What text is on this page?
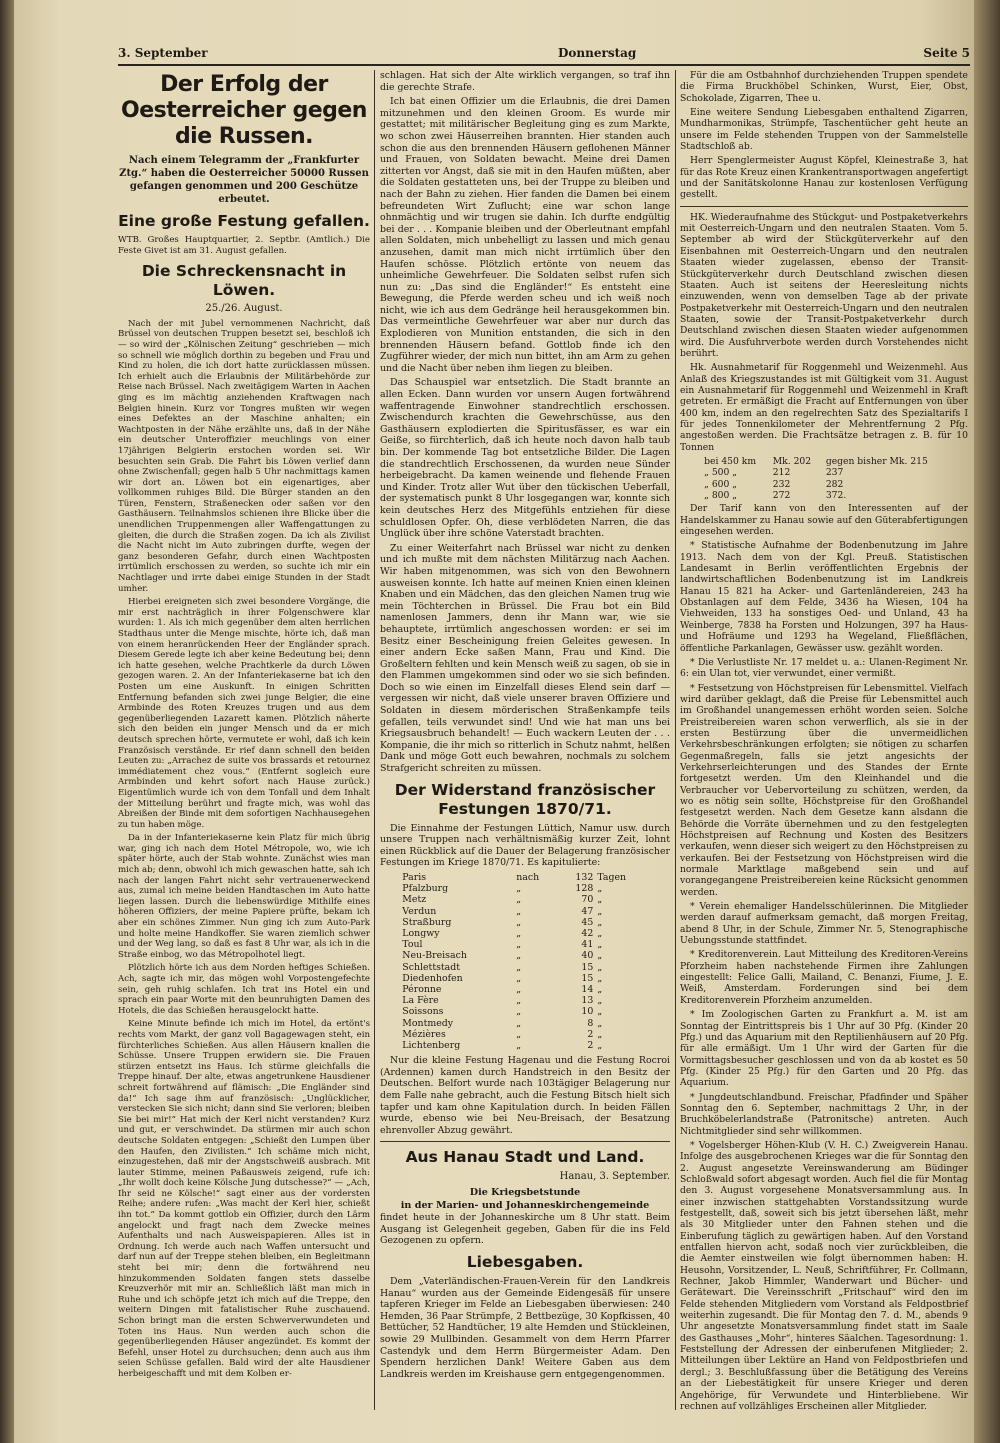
3. September	Donnerstag	Seite 5
Der Erfolg der Oesterreicher gegen die Russen.
Nach einem Telegramm der „Frankfurter Ztg.“ haben die Oesterreicher 50000 Russen gefangen genommen und 200 Geschütze erbeutet.
Eine große Festung gefallen.

WTB. Großes Hauptquartier, 2. Septbr. (Amtlich.) Die Feste Givet ist am 31. August gefallen.

Die Schreckensnacht in Löwen.
25./26. August.

Nach der mit Jubel vernommenen Nachricht, daß Brüssel von deutschen Truppen besetzt sei, beschloß ich — so wird der „Kölnischen Zeitung“ geschrieben — mich so schnell wie möglich dorthin zu begeben und Frau und Kind zu holen, die ich dort hatte zurücklassen müssen. Ich erhielt auch die Erlaubnis der Militärbehörde zur Reise nach Brüssel. Nach zweitägigem Warten in Aachen ging es im mächtig anziehenden Kraftwagen nach Belgien hinein. Kurz vor Tongres mußten wir wegen eines Defektes an der Maschine anhalten; ein Wachtposten in der Nähe erzählte uns, daß in der Nähe ein deutscher Unteroffizier meuchlings von einer 17jährigen Belgierin erstochen worden sei. Wir besuchten sein Grab. Die Fahrt bis Löwen verlief dann ohne Zwischenfall; gegen halb 5 Uhr nachmittags kamen wir dort an. Löwen bot ein eigenartiges, aber vollkommen ruhiges Bild. Die Bürger standen an den Türen, Fenstern, Straßenecken oder saßen vor den Gasthäusern. Teilnahmslos schienen ihre Blicke über die unendlichen Truppenmengen aller Waffengattungen zu gleiten, die durch die Straßen zogen. Da ich als Zivilist die Nacht nicht im Auto zubringen durfte, wegen der ganz besonderen Gefahr, durch einen Wachtposten irrtümlich erschossen zu werden, so suchte ich mir ein Nachtlager und irrte dabei einige Stunden in der Stadt umher.

Hierbei ereigneten sich zwei besondere Vorgänge, die mir erst nachträglich in ihrer Folgenschwere klar wurden: 1. Als ich mich gegenüber dem alten herrlichen Stadthaus unter die Menge mischte, hörte ich, daß man von einem heranrückenden Heer der Engländer sprach. Diesem Gerede legte ich aber keine Bedeutung bei; denn ich hatte gesehen, welche Prachtkerle da durch Löwen gezogen waren. 2. An der Infanteriekaserne bat ich den Posten um eine Auskunft. In einigen Schritten Entfernung befanden sich zwei junge Belgier, die eine Armbinde des Roten Kreuzes trugen und aus dem gegenüberliegenden Lazarett kamen. Plötzlich näherte sich den beiden ein junger Mensch und da er mich deutsch sprechen hörte, vermutete er wohl, daß ich kein Französisch verstände. Er rief dann schnell den beiden Leuten zu: „Arrachez de suite vos brassards et retournez immédiatement chez vous.“ (Entfernt sogleich eure Armbinden und kehrt sofort nach Hause zurück.) Eigentümlich wurde ich von dem Tonfall und dem Inhalt der Mitteilung berührt und fragte mich, was wohl das Abreißen der Binde mit dem sofortigen Nachhausegehen zu tun haben möge.

Da in der Infanteriekaserne kein Platz für mich übrig war, ging ich nach dem Hotel Métropole, wo, wie ich später hörte, auch der Stab wohnte. Zunächst wies man mich ab; denn, obwohl ich mich gewaschen hatte, sah ich nach der langen Fahrt nicht sehr vertrauenerweckend aus, zumal ich meine beiden Handtaschen im Auto hatte liegen lassen. Durch die liebenswürdige Mithilfe eines höheren Offiziers, der meine Papiere prüfte, bekam ich aber ein schönes Zimmer. Nun ging ich zum Auto-Park und holte meine Handkoffer. Sie waren ziemlich schwer und der Weg lang, so daß es fast 8 Uhr war, als ich in die Straße einbog, wo das Métropolhotel liegt.

Plötzlich hörte ich aus dem Norden heftiges Schießen. Ach, sagte ich mir, das mögen wohl Vorpostengefechte sein, geh ruhig schlafen. Ich trat ins Hotel ein und sprach ein paar Worte mit den beunruhigten Damen des Hotels, die das Schießen herausgelockt hatte.

Keine Minute befinde ich mich im Hotel, da ertönt's rechts vom Markt, der ganz voll Bagagewagen steht, ein fürchterliches Schießen. Aus allen Häusern knallen die Schüsse. Unsere Truppen erwidern sie. Die Frauen stürzen entsetzt ins Haus. Ich stürme gleichfalls die Treppe hinauf. Der alte, etwas angetrunkene Hausdiener schreit fortwährend auf flämisch: „Die Engländer sind da!“ Ich sage ihm auf französisch: „Unglücklicher, verstecken Sie sich nicht; dann sind Sie verloren; bleiben Sie bei mir!“ Hat mich der Kerl nicht verstanden? Kurz und gut, er verschwindet. Da stürmen mir auch schon deutsche Soldaten entgegen: „Schießt den Lumpen über den Haufen, den Zivilisten.“ Ich schäme mich nicht, einzugestehen, daß mir der Angstschweiß ausbrach. Mit lauter Stimme, meinen Paßausweis zeigend, rufe ich: „Ihr wollt doch keine Kölsche Jung dutschesse?“ — „Ach, Ihr seid ne Kölsche!“ sagt einer aus der vordersten Reihe; andere rufen: „Was macht der Kerl hier, schießt ihn tot.“ Da kommt gottlob ein Offizier, durch den Lärm angelockt und fragt nach dem Zwecke meines Aufenthalts und nach Ausweispapieren. Alles ist in Ordnung. Ich werde auch nach Waffen untersucht und darf nun auf der Treppe stehen bleiben, ein Begleitmann steht bei mir; denn die fortwährend neu hinzukommenden Soldaten fangen stets dasselbe Kreuzverhör mit mir an. Schließlich läßt man mich in Ruhe und ich schöpfe jetzt ich mich auf die Treppe, den weitern Dingen mit fatalistischer Ruhe zuschauend. Schon bringt man die ersten Schwerverwundeten und Toten ins Haus. Nun werden auch schon die gegenüberliegenden Häuser angezündet. Es kommt der Befehl, unser Hotel zu durchsuchen; denn auch aus ihm seien Schüsse gefallen. Bald wird der alte Hausdiener herbeigeschafft und mit dem Kolben er-

schlagen. Hat sich der Alte wirklich vergangen, so traf ihn die gerechte Strafe.

Ich bat einen Offizier um die Erlaubnis, die drei Damen mitzunehmen und den kleinen Groom. Es wurde mir gestattet; mit militärischer Begleitung ging es zum Markte, wo schon zwei Häuserreihen brannten. Hier standen auch schon die aus den brennenden Häusern geflohenen Männer und Frauen, von Soldaten bewacht. Meine drei Damen zitterten vor Angst, daß sie mit in den Haufen müßten, aber die Soldaten gestatteten uns, bei der Truppe zu bleiben und nach der Bahn zu ziehen. Hier fanden die Damen bei einem befreundeten Wirt Zuflucht; eine war schon lange ohnmächtig und wir trugen sie dahin. Ich durfte endgültig bei der . . . Kompanie bleiben und der Oberleutnant empfahl allen Soldaten, mich unbehelligt zu lassen und mich genau anzusehen, damit man mich nicht irrtümlich über den Haufen schösse. Plötzlich ertönte von neuem das unheimliche Gewehrfeuer. Die Soldaten selbst rufen sich nun zu: „Das sind die Engländer!“ Es entsteht eine Bewegung, die Pferde werden scheu und ich weiß noch nicht, wie ich aus dem Gedränge heil herausgekommen bin. Das vermeintliche Gewehrfeuer war aber nur durch das Explodieren von Munition entstanden, die sich in den brennenden Häusern befand. Gottlob finde ich den Zugführer wieder, der mich nun bittet, ihn am Arm zu gehen und die Nacht über neben ihm liegen zu bleiben.

Das Schauspiel war entsetzlich. Die Stadt brannte an allen Ecken. Dann wurden vor unsern Augen fortwährend waffentragende Einwohner standrechtlich erschossen. Zwischendurch krachten die Gewehrschüsse, aus den Gasthäusern explodierten die Spiritusfässer, es war ein Geiße, so fürchterlich, daß ich heute noch davon halb taub bin. Der kommende Tag bot entsetzliche Bilder. Die Lagen die standrechtlich Erschossenen, da wurden neue Sünder herbeigebracht. Da kamen weinende und flehende Frauen und Kinder. Trotz aller Wut über den tückischen Ueberfall, der systematisch punkt 8 Uhr losgegangen war, konnte sich kein deutsches Herz des Mitgefühls entziehen für diese schuldlosen Opfer. Oh, diese verblödeten Narren, die das Unglück über ihre schöne Vaterstadt brachten.

Zu einer Weiterfahrt nach Brüssel war nicht zu denken und ich mußte mit dem nächsten Militärzug nach Aachen. Wir haben mitgenommen, was sich von den Bewohnern ausweisen konnte. Ich hatte auf meinen Knien einen kleinen Knaben und ein Mädchen, das den gleichen Namen trug wie mein Töchterchen in Brüssel. Die Frau bot ein Bild namenlosen Jammers, denn ihr Mann war, wie sie behauptete, irrtümlich angeschossen worden: er sei im Besitz einer Bescheinigung freien Geleites gewesen. In einer andern Ecke saßen Mann, Frau und Kind. Die Großeltern fehlten und kein Mensch weiß zu sagen, ob sie in den Flammen umgekommen sind oder wo sie sich befinden. Doch so wie einen im Einzelfall dieses Elend sein darf — vergessen wir nicht, daß viele unserer braven Offiziere und Soldaten in diesem mörderischen Straßenkampfe teils gefallen, teils verwundet sind! Und wie hat man uns bei Kriegsausbruch behandelt! — Euch wackern Leuten der . . . Kompanie, die ihr mich so ritterlich in Schutz nahmt, helßen Dank und möge Gott euch bewahren, nochmals zu solchem Strafgericht schreiten zu müssen.

Der Widerstand französischer Festungen 1870/71.

Die Einnahme der Festungen Lüttich, Namur usw. durch unsere Truppen nach verhältnismäßig kurzer Zeit, lohnt einen Rückblick auf die Dauer der Belagerung französischer Festungen im Kriege 1870/71. Es kapitulierte:

Paris	nach	132	Tagen
Pfalzburg	„	128	„
Metz	„	70	„
Verdun	„	47	„
Straßburg	„	45	„
Longwy	„	42	„
Toul	„	41	„
Neu-Breisach	„	40	„
Schlettstadt	„	15	„
Diedenhofen	„	15	„
Péronne	„	14	„
La Fère	„	13	„
Soissons	„	10	„
Montmedy	„	8	„
Mézières	„	2	„
Lichtenberg	„	2	„

Nur die kleine Festung Hagenau und die Festung Rocroi (Ardennen) kamen durch Handstreich in den Besitz der Deutschen. Belfort wurde nach 103tägiger Belagerung nur dem Falle nahe gebracht, auch die Festung Bitsch hielt sich tapfer und kam ohne Kapitulation durch. In beiden Fällen wurde, ebenso wie bei Neu-Breisach, der Besatzung ehrenvoller Abzug gewährt.

Aus Hanau Stadt und Land.
Hanau, 3. September.
Die Kriegsbetstunde
in der Marien- und Johanneskirchengemeinde

findet heute in der Johanneskirche um 8 Uhr statt. Beim Ausgang ist Gelegenheit gegeben, Gaben für die ins Feld Gezogenen zu opfern.

Liebesgaben.

Dem „Vaterländischen-Frauen-Verein für den Landkreis Hanau“ wurden aus der Gemeinde Eidengesäß für unsere tapferen Krieger im Felde an Liebesgaben überwiesen: 240 Hemden, 36 Paar Strümpfe, 2 Bettbezüge, 30 Kopfkissen, 40 Bettücher, 52 Handtücher, 19 alte Hemden und Stückleinen, sowie 29 Mullbinden. Gesammelt von dem Herrn Pfarrer Castendyk und dem Herrn Bürgermeister Adam. Den Spendern herzlichen Dank! Weitere Gaben aus dem Landkreis werden im Kreishause gern entgegengenommen.

Für die am Ostbahnhof durchziehenden Truppen spendete die Firma Bruckhöbel Schinken, Wurst, Eier, Obst, Schokolade, Zigarren, Thee u.

Eine weitere Sendung Liebesgaben enthaltend Zigarren, Mundharmonikas, Strümpfe, Taschentücher geht heute an unsere im Felde stehenden Truppen von der Sammelstelle Stadtschloß ab.

Herr Spenglermeister August Köpfel, Kleinestraße 3, hat für das Rote Kreuz einen Krankentransportwagen angefertigt und der Sanitätskolonne Hanau zur kostenlosen Verfügung gestellt.

HK. Wiederaufnahme des Stückgut- und Postpaketverkehrs mit Oesterreich-Ungarn und den neutralen Staaten. Vom 5. September ab wird der Stückgüterverkehr auf den Eisenbahnen mit Oesterreich-Ungarn und den neutralen Staaten wieder zugelassen, ebenso der Transit-Stückgüterverkehr durch Deutschland zwischen diesen Staaten. Auch ist seitens der Heeresleitung nichts einzuwenden, wenn von demselben Tage ab der private Postpaketverkehr mit Oesterreich-Ungarn und den neutralen Staaten, sowie der Transit-Postpaketverkehr durch Deutschland zwischen diesen Staaten wieder aufgenommen wird. Die Ausfuhrverbote werden durch Vorstehendes nicht berührt.

Hk. Ausnahmetarif für Roggenmehl und Weizenmehl. Aus Anlaß des Kriegszustandes ist mit Gültigkeit vom 31. August ein Ausnahmetarif für Roggenmehl und Weizenmehl in Kraft getreten. Er ermäßigt die Fracht auf Entfernungen von über 400 km, indem an den regelrechten Satz des Spezialtarifs I für jedes Tonnenkilometer der Mehrentfernung 2 Pfg. angestoßen werden. Die Frachtsätze betragen z. B. für 10 Tonnen

bei 450 km	Mk. 202	gegen bisher Mk. 215
„ 500 „	212	237
„ 600 „	232	282
„ 800 „	272	372.

Der Tarif kann von den Interessenten auf der Handelskammer zu Hanau sowie auf den Güterabfertigungen eingesehen werden.

* Statistische Aufnahme der Bodenbenutzung im Jahre 1913. Nach dem von der Kgl. Preuß. Statistischen Landesamt in Berlin veröffentlichten Ergebnis der landwirtschaftlichen Bodenbenutzung ist im Landkreis Hanau 15 821 ha Acker- und Gartenländereien, 243 ha Obstanlagen auf dem Felde, 3436 ha Wiesen, 104 ha Viehweiden, 133 ha sonstiges Oed- und Unland, 43 ha Weinberge, 7838 ha Forsten und Holzungen, 397 ha Haus- und Hofräume und 1293 ha Wegeland, Fließflächen, öffentliche Parkanlagen, Gewässer usw. gezählt worden.

* Die Verlustliste Nr. 17 meldet u. a.: Ulanen-Regiment Nr. 6: ein Ulan tot, vier verwundet, einer vermißt.

* Festsetzung von Höchstpreisen für Lebensmittel. Vielfach wird darüber geklagt, daß die Preise für Lebensmittel auch im Großhandel unangemessen erhöht worden seien. Solche Preistreibereien waren schon verwerflich, als sie in der ersten Bestürzung über die unvermeidlichen Verkehrsbeschränkungen erfolgten; sie nötigen zu scharfen Gegenmaßregeln, falls sie jetzt angesichts der Verkehrserleichterungen und des Standes der Ernte fortgesetzt werden. Um den Kleinhandel und die Verbraucher vor Uebervorteilung zu schützen, werden, da wo es nötig sein sollte, Höchstpreise für den Großhandel festgesetzt werden. Nach dem Gesetze kann alsdann die Behörde die Vorräte übernehmen und zu den festgelegten Höchstpreisen auf Rechnung und Kosten des Besitzers verkaufen, wenn dieser sich weigert zu den Höchstpreisen zu verkaufen. Bei der Festsetzung von Höchstpreisen wird die normale Marktlage maßgebend sein und auf vorangegangene Preistreibereien keine Rücksicht genommen werden.

* Verein ehemaliger Handelsschülerinnen. Die Mitglieder werden darauf aufmerksam gemacht, daß morgen Freitag, abend 8 Uhr, in der Schule, Zimmer Nr. 5, Stenographische Uebungsstunde stattfindet.

* Kreditorenverein. Laut Mitteilung des Kreditoren-Vereins Pforzheim haben nachstehende Firmen ihre Zahlungen eingestellt: Felice Galli, Mailand, C. Benanzi, Fiume, J. E. Weiß, Amsterdam. Forderungen sind bei dem Kreditorenverein Pforzheim anzumelden.

* Im Zoologischen Garten zu Frankfurt a. M. ist am Sonntag der Eintrittspreis bis 1 Uhr auf 30 Pfg. (Kinder 20 Pfg.) und das Aquarium mit den Reptilienhäusern auf 20 Pfg. für alle ermäßigt. Um 1 Uhr wird der Garten für die Vormittagsbesucher geschlossen und von da ab kostet es 50 Pfg. (Kinder 25 Pfg.) für den Garten und 20 Pfg. das Aquarium.

* Jungdeutschlandbund. Freischar, Pfadfinder und Späher Sonntag den 6. September, nachmittags 2 Uhr, in der Bruchköbelerlandstraße (Patronitsche) antreten. Auch Nichtmitglieder sind sehr willkommen.

* Vogelsberger Höhen-Klub (V. H. C.) Zweigverein Hanau. Infolge des ausgebrochenen Krieges war die für Sonntag den 2. August angesetzte Vereinswanderung am Büdinger Schloßwald sofort abgesagt worden. Auch fiel die für Montag den 3. August vorgesehene Monatsversammlung aus. In einer inzwischen stattgehabten Vorstandssitzung wurde festgestellt, daß, soweit sich bis jetzt übersehen läßt, mehr als 30 Mitglieder unter den Fahnen stehen und die Einberufung täglich zu gewärtigen haben. Auf den Vorstand entfallen hiervon acht, sodaß noch vier zurückbleiben, die die Aemter einstweilen wie folgt übernommen haben: H. Heusohn, Vorsitzender, L. Neuß, Schriftführer, Fr. Collmann, Rechner, Jakob Himmler, Wanderwart und Bücher- und Gerätewart. Die Vereinsschrift „Fritschauf“ wird den im Felde stehenden Mitgliedern vom Vorstand als Feldpostbrief weiterhin zugesandt. Die für Montag den 7. d. M., abends 9 Uhr angesetzte Monatsversammlung findet statt im Saale des Gasthauses „Mohr“, hinteres Säalchen. Tagesordnung: 1. Feststellung der Adressen der einberufenen Mitglieder; 2. Mitteilungen über Lektüre an Hand von Feldpostbriefen und dergl.; 3. Beschlußfassung über die Betätigung des Vereins an der Liebestätigkeit für unsere Krieger und deren Angehörige, für Verwundete und Hinterbliebene. Wir rechnen auf vollzähliges Erscheinen aller Mitglieder.
